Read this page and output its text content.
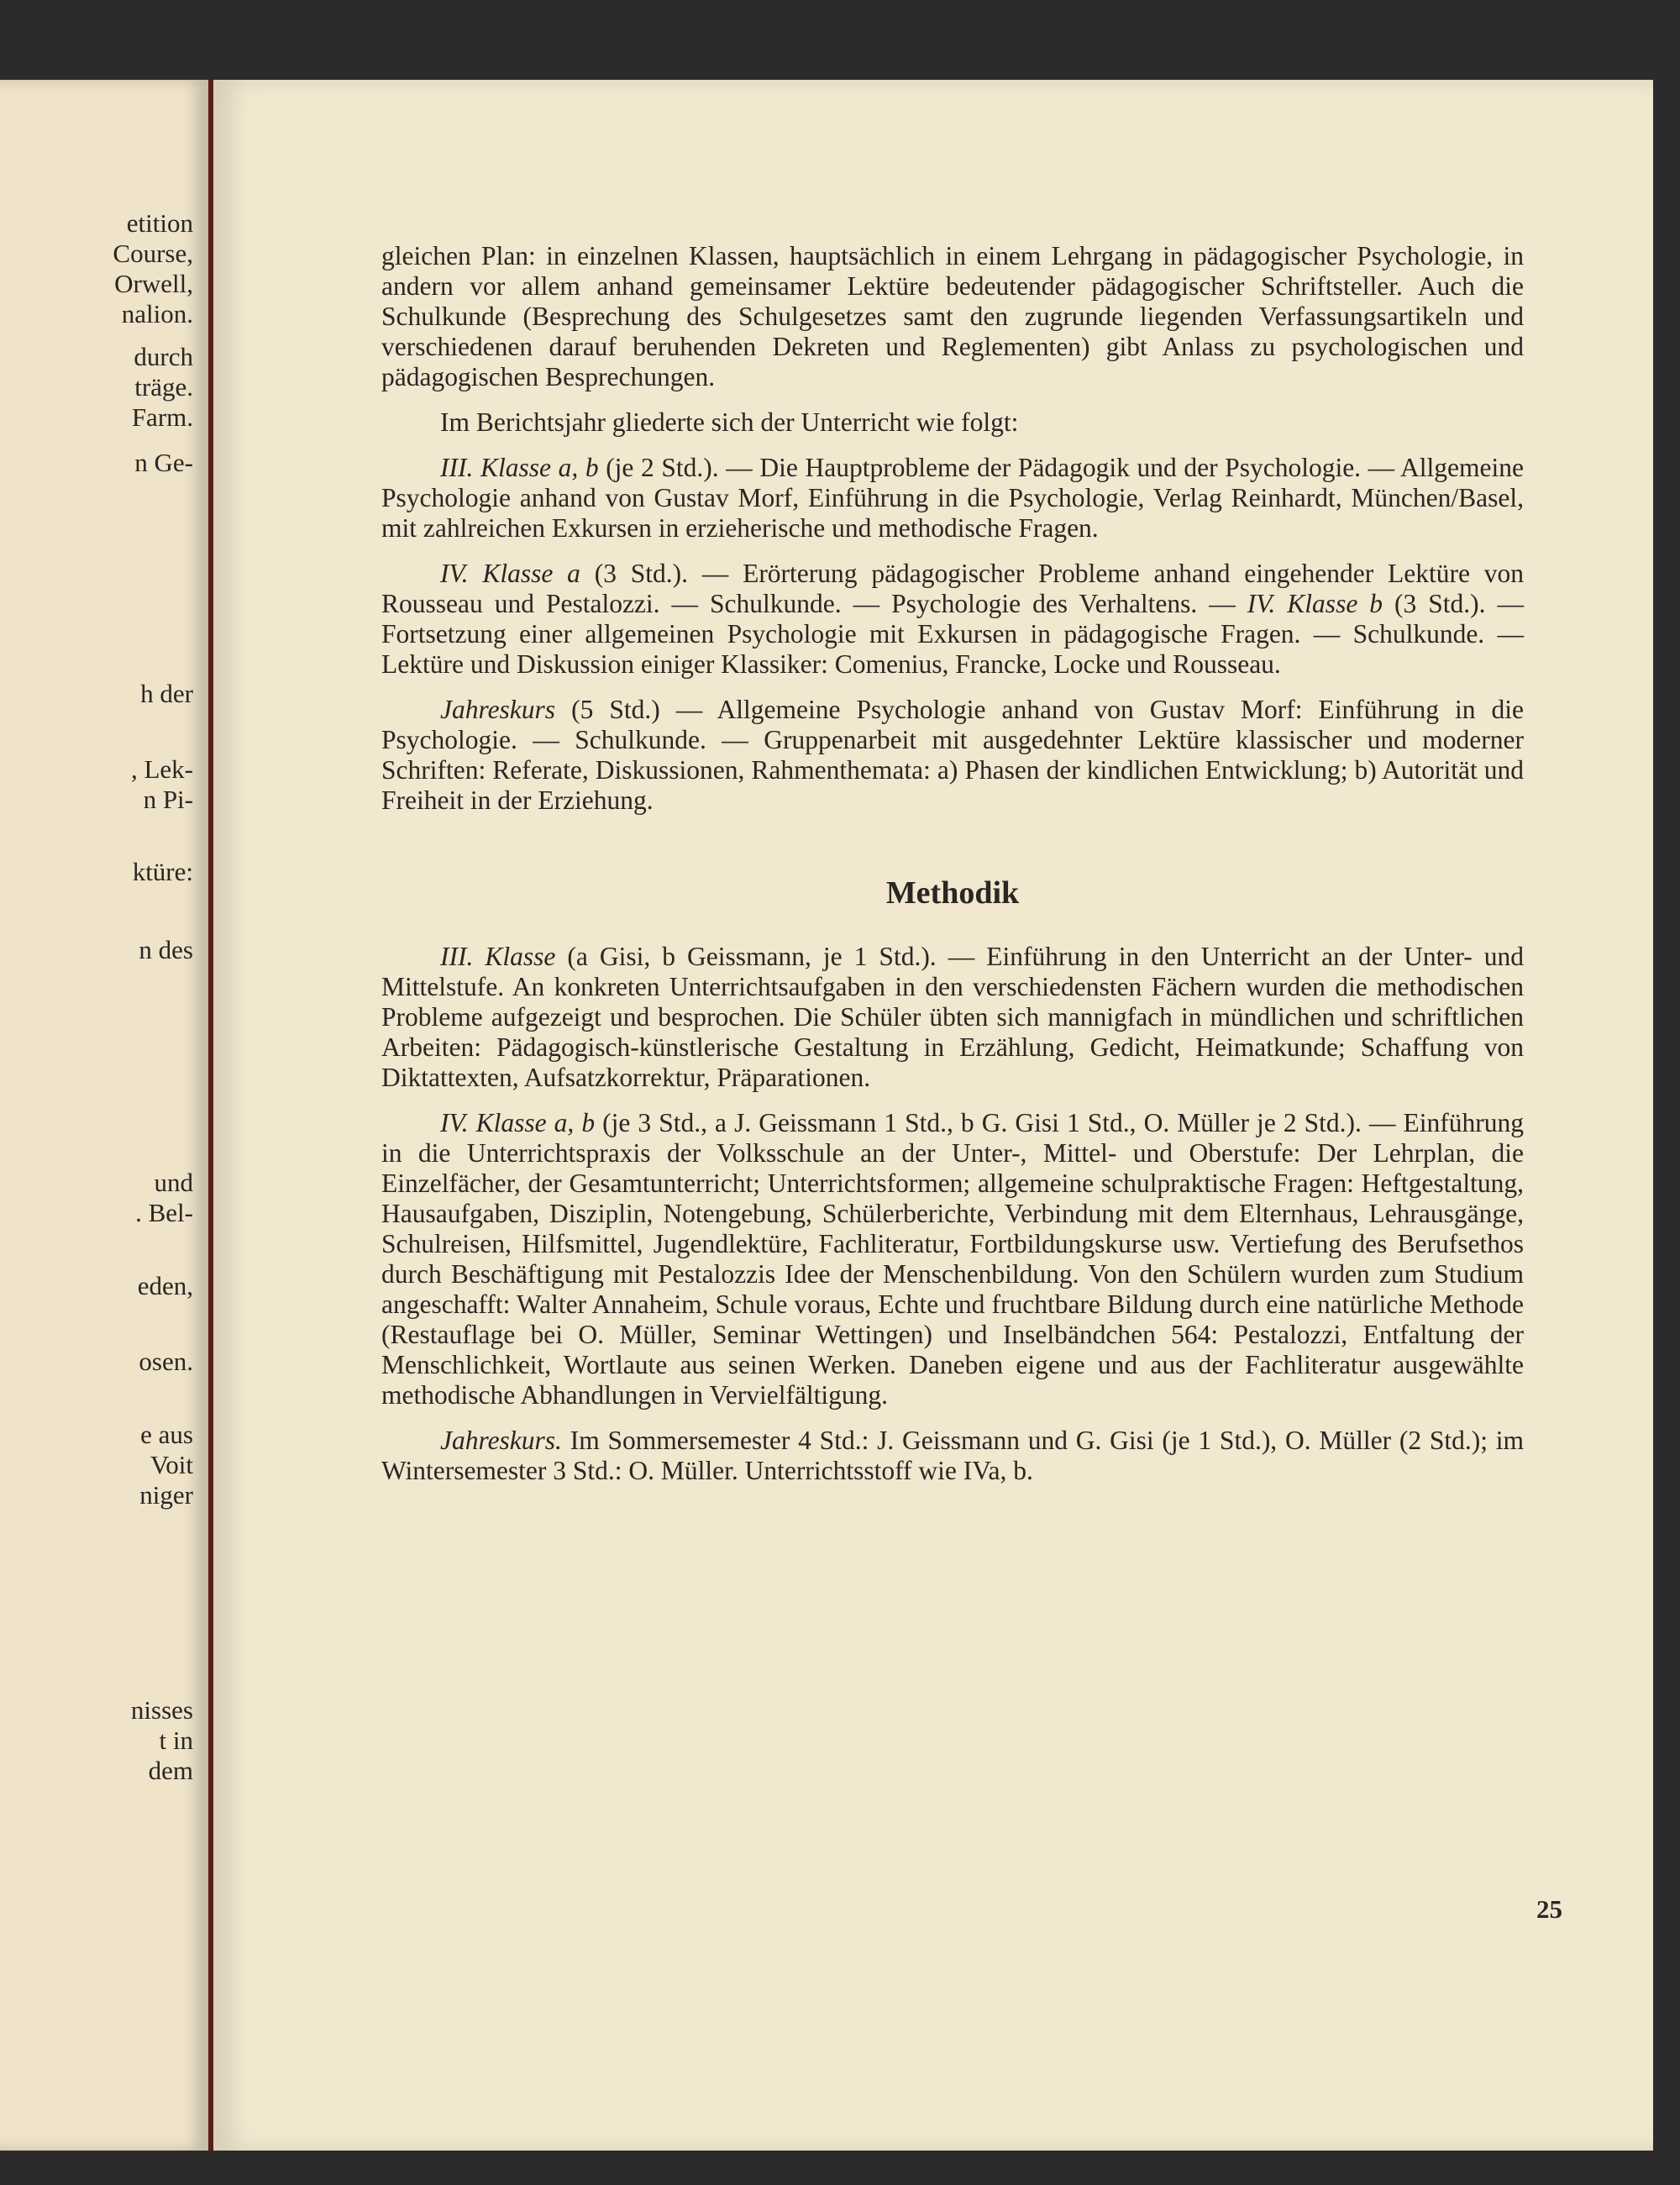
etition
Course,
Orwell,
nalion.
durch
träge.
Farm.
n Ge-
h der
, Lek-
n Pi-
ktüre:
n des
und
. Bel-
eden,
osen.
e aus
Voit
niger
nisses
t in
dem

gleichen Plan: in einzelnen Klassen, hauptsächlich in einem Lehrgang in pädagogischer Psychologie, in andern vor allem anhand gemeinsamer Lektüre bedeutender pädagogischer Schriftsteller. Auch die Schulkunde (Besprechung des Schulgesetzes samt den zugrunde liegenden Verfassungsartikeln und verschiedenen darauf beruhenden Dekreten und Reglementen) gibt Anlass zu psychologischen und pädagogischen Besprechungen.

Im Berichtsjahr gliederte sich der Unterricht wie folgt:

III. Klasse a, b (je 2 Std.). — Die Hauptprobleme der Pädagogik und der Psychologie. — Allgemeine Psychologie anhand von Gustav Morf, Einführung in die Psychologie, Verlag Reinhardt, München/Basel, mit zahlreichen Exkursen in erzieherische und methodische Fragen.

IV. Klasse a (3 Std.). — Erörterung pädagogischer Probleme anhand eingehender Lektüre von Rousseau und Pestalozzi. — Schulkunde. — Psychologie des Verhaltens. — IV. Klasse b (3 Std.). — Fortsetzung einer allgemeinen Psychologie mit Exkursen in pädagogische Fragen. — Schulkunde. — Lektüre und Diskussion einiger Klassiker: Comenius, Francke, Locke und Rousseau.

Jahreskurs (5 Std.) — Allgemeine Psychologie anhand von Gustav Morf: Einführung in die Psychologie. — Schulkunde. — Gruppenarbeit mit ausgedehnter Lektüre klassischer und moderner Schriften: Referate, Diskussionen, Rahmenthemata: a) Phasen der kindlichen Entwicklung; b) Autorität und Freiheit in der Erziehung.

Methodik

III. Klasse (a Gisi, b Geissmann, je 1 Std.). — Einführung in den Unterricht an der Unter- und Mittelstufe. An konkreten Unterrichtsaufgaben in den verschiedensten Fächern wurden die methodischen Probleme aufgezeigt und besprochen. Die Schüler übten sich mannigfach in mündlichen und schriftlichen Arbeiten: Pädagogisch-künstlerische Gestaltung in Erzählung, Gedicht, Heimatkunde; Schaffung von Diktattexten, Aufsatzkorrektur, Präparationen.

IV. Klasse a, b (je 3 Std., a J. Geissmann 1 Std., b G. Gisi 1 Std., O. Müller je 2 Std.). — Einführung in die Unterrichtspraxis der Volksschule an der Unter-, Mittel- und Oberstufe: Der Lehrplan, die Einzelfächer, der Gesamtunterricht; Unterrichtsformen; allgemeine schulpraktische Fragen: Heftgestaltung, Hausaufgaben, Disziplin, Notengebung, Schülerberichte, Verbindung mit dem Elternhaus, Lehrausgänge, Schulreisen, Hilfsmittel, Jugendlektüre, Fachliteratur, Fortbildungskurse usw. Vertiefung des Berufsethos durch Beschäftigung mit Pestalozzis Idee der Menschenbildung. Von den Schülern wurden zum Studium angeschafft: Walter Annaheim, Schule voraus, Echte und fruchtbare Bildung durch eine natürliche Methode (Restauflage bei O. Müller, Seminar Wettingen) und Inselbändchen 564: Pestalozzi, Entfaltung der Menschlichkeit, Wortlaute aus seinen Werken. Daneben eigene und aus der Fachliteratur ausgewählte methodische Abhandlungen in Vervielfältigung.

Jahreskurs. Im Sommersemester 4 Std.: J. Geissmann und G. Gisi (je 1 Std.), O. Müller (2 Std.); im Wintersemester 3 Std.: O. Müller. Unterrichtsstoff wie IVa, b.

25
